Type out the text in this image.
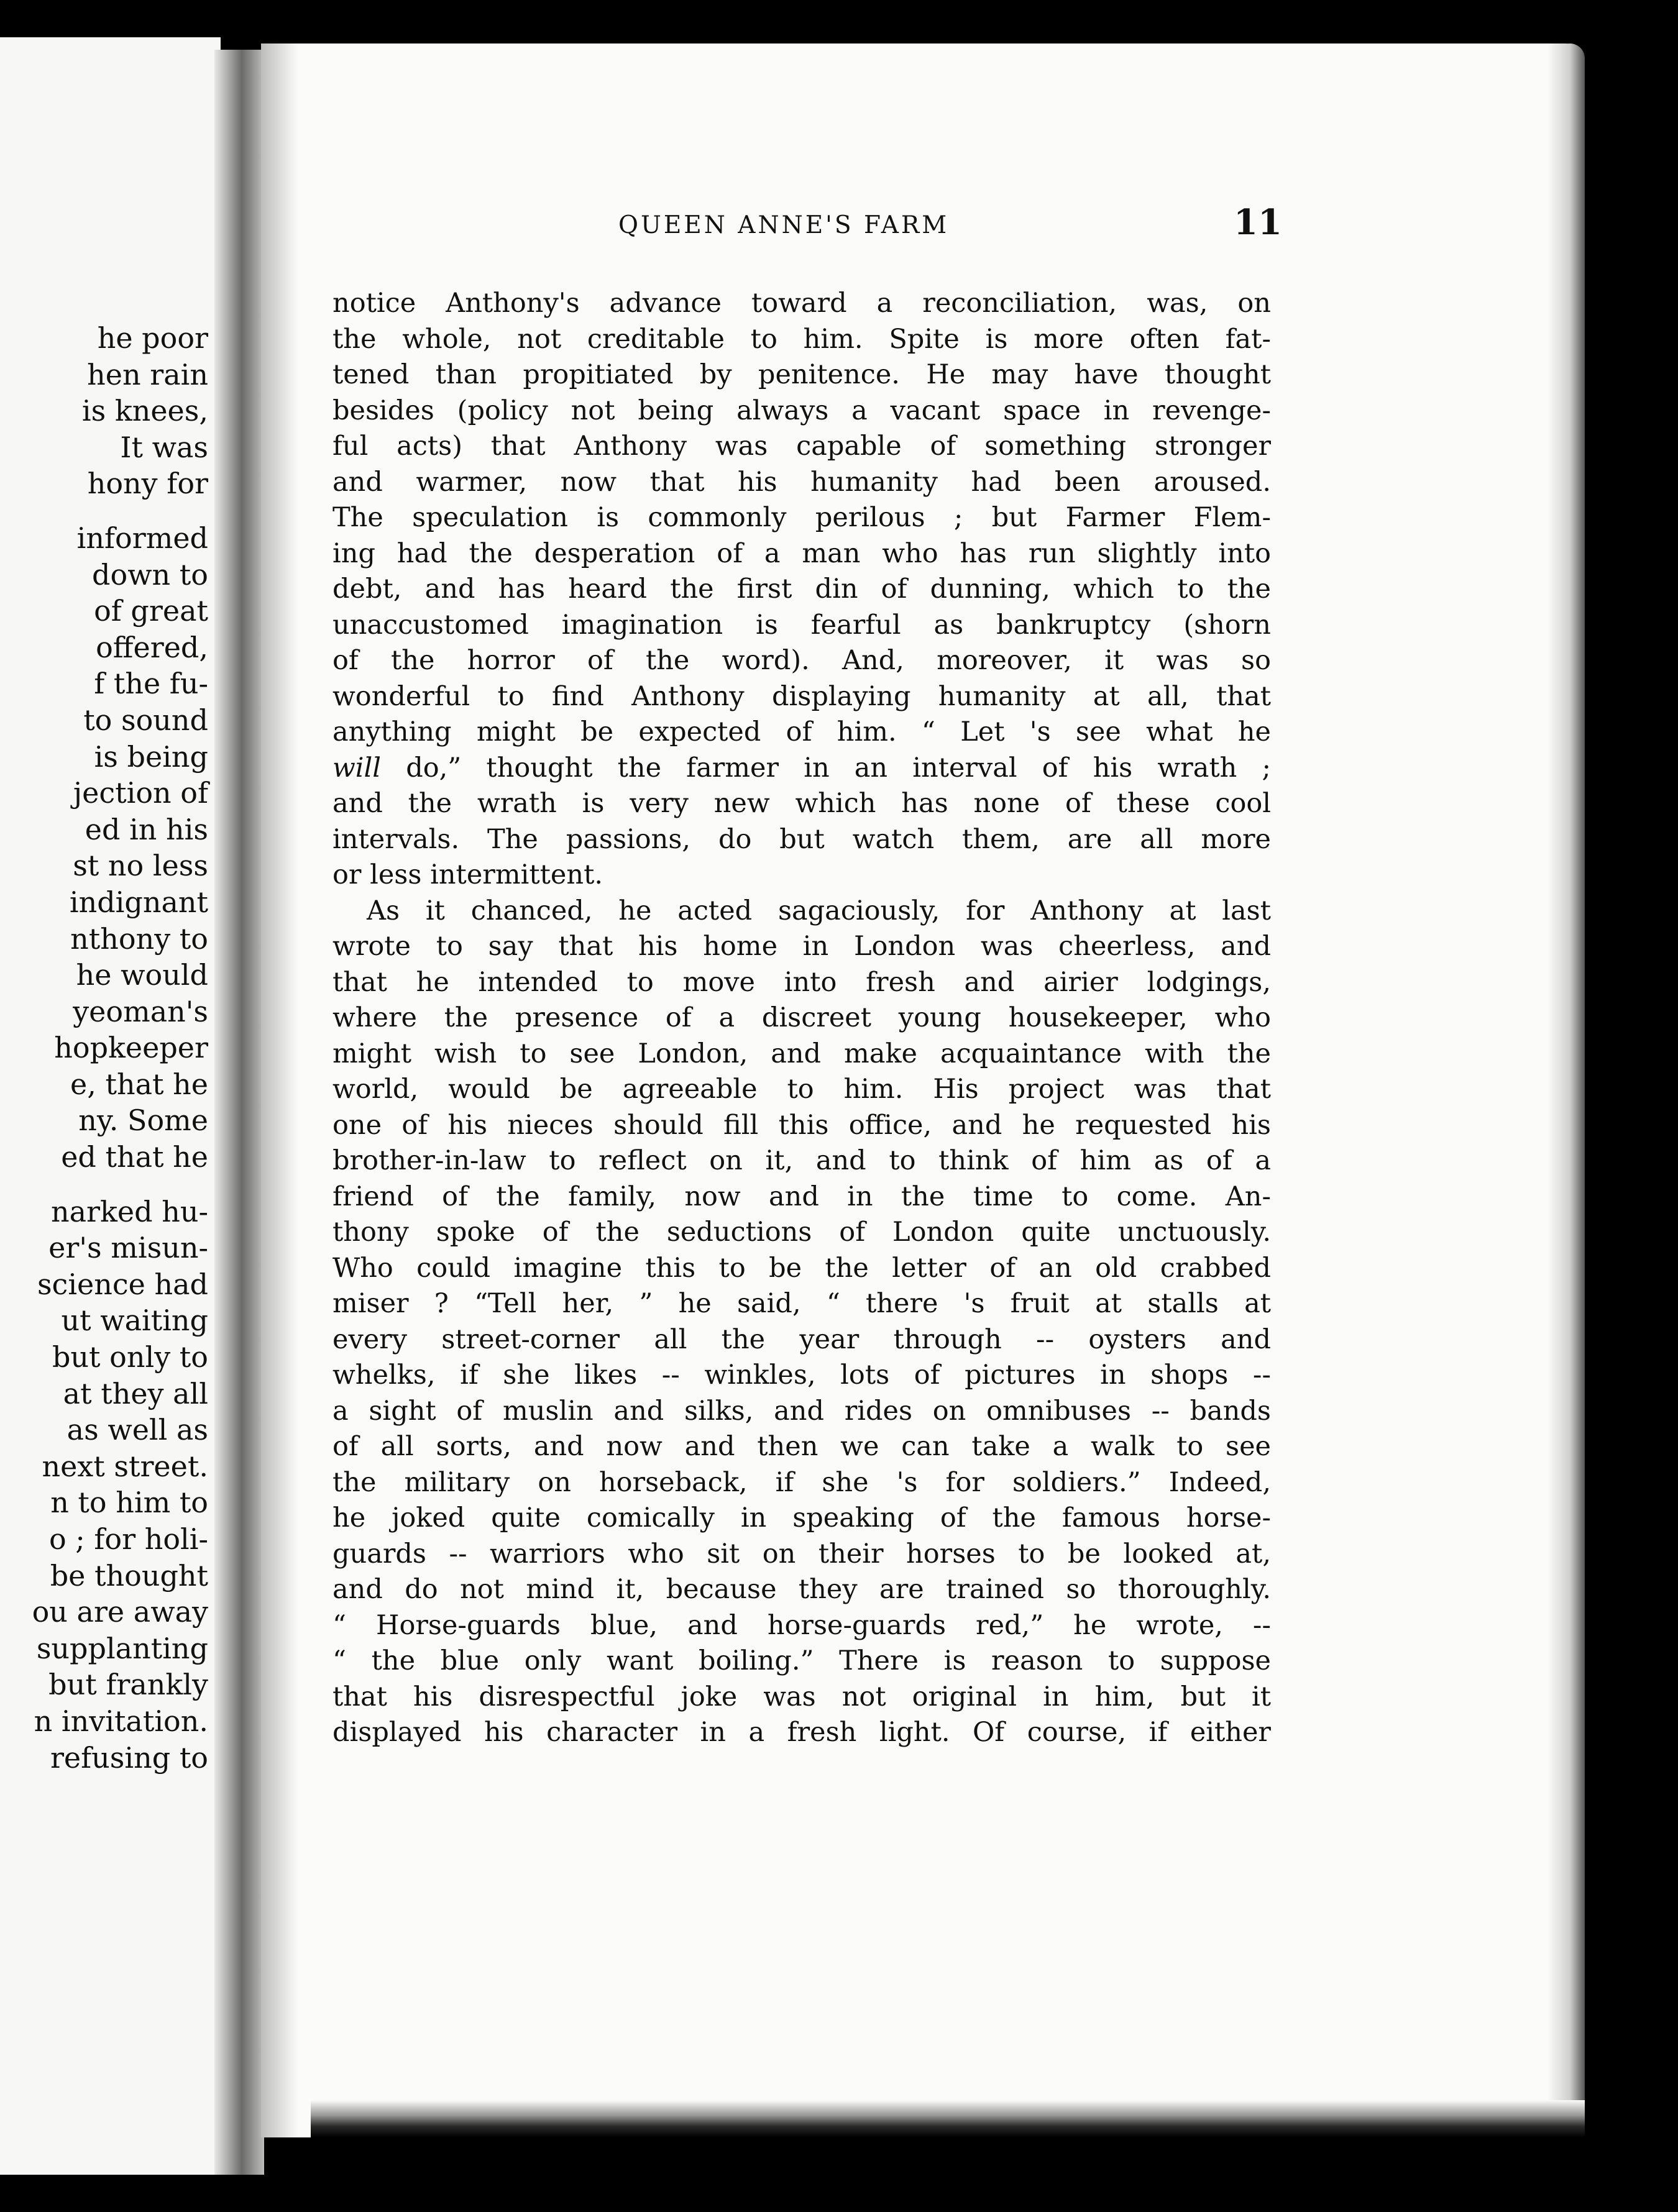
he poor
hen rain
is knees,
It was
hony for
informed
down to
of great
offered,
f the fu-
to sound
is being
jection of
ed in his
st no less
indignant
nthony to
he would
yeoman's
hopkeeper
e, that he
ny. Some
ed that he
narked hu-
er's misun-
science had
ut waiting
but only to
at they all
as well as
next street.
n to him to
o ; for holi-
be thought
ou are away
supplanting
but frankly
n invitation.
refusing to
QUEEN ANNE'S FARM	11
notice Anthony's advance toward a reconciliation, was, on
the whole, not creditable to him. Spite is more often fat-
tened than propitiated by penitence. He may have thought
besides (policy not being always a vacant space in revenge-
ful acts) that Anthony was capable of something stronger
and warmer, now that his humanity had been aroused.
The speculation is commonly perilous ; but Farmer Flem-
ing had the desperation of a man who has run slightly into
debt, and has heard the first din of dunning, which to the
unaccustomed imagination is fearful as bankruptcy (shorn
of the horror of the word). And, moreover, it was so
wonderful to find Anthony displaying humanity at all, that
anything might be expected of him. “ Let 's see what he
will do,” thought the farmer in an interval of his wrath ;
and the wrath is very new which has none of these cool
intervals. The passions, do but watch them, are all more
or less intermittent.
As it chanced, he acted sagaciously, for Anthony at last
wrote to say that his home in London was cheerless, and
that he intended to move into fresh and airier lodgings,
where the presence of a discreet young housekeeper, who
might wish to see London, and make acquaintance with the
world, would be agreeable to him. His project was that
one of his nieces should fill this office, and he requested his
brother-in-law to reflect on it, and to think of him as of a
friend of the family, now and in the time to come. An-
thony spoke of the seductions of London quite unctuously.
Who could imagine this to be the letter of an old crabbed
miser ? “Tell her, ” he said, “ there 's fruit at stalls at
every street-corner all the year through -- oysters and
whelks, if she likes -- winkles, lots of pictures in shops --
a sight of muslin and silks, and rides on omnibuses -- bands
of all sorts, and now and then we can take a walk to see
the military on horseback, if she 's for soldiers.” Indeed,
he joked quite comically in speaking of the famous horse-
guards -- warriors who sit on their horses to be looked at,
and do not mind it, because they are trained so thoroughly.
“ Horse-guards blue, and horse-guards red,” he wrote, --
“ the blue only want boiling.” There is reason to suppose
that his disrespectful joke was not original in him, but it
displayed his character in a fresh light. Of course, if either
